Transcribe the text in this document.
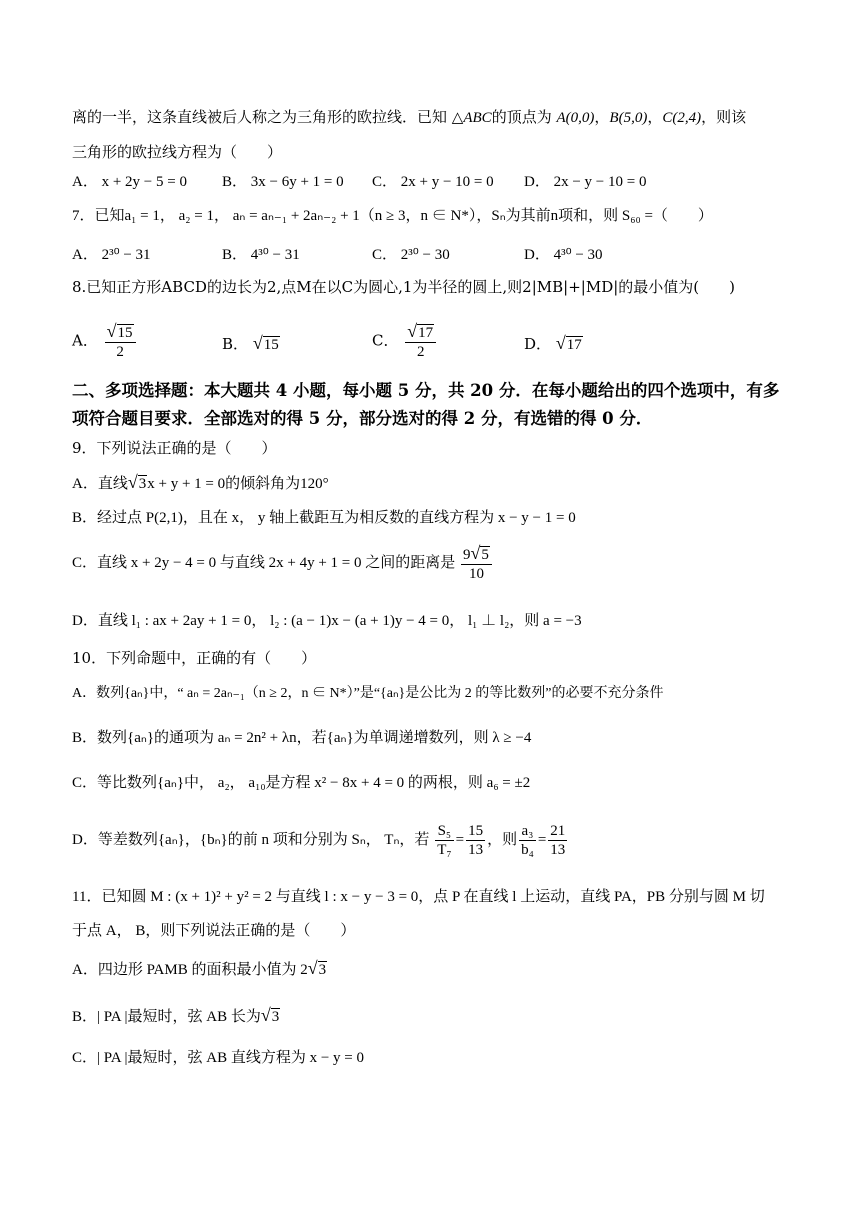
离的一半，这条直线被后人称之为三角形的欧拉线．已知 △ABC的顶点为 A(0,0)，B(5,0)，C(2,4)，则该
三角形的欧拉线方程为（　　）
A． x + 2y − 5 = 0 B． 3x − 6y + 1 = 0 C． 2x + y − 10 = 0 D． 2x − y − 10 = 0
7．已知a₁ = 1， a₂ = 1， aₙ = aₙ₋₁ + 2aₙ₋₂ + 1（n ≥ 3，n ∈ N*），Sₙ为其前n项和，则 S₆₀ =（　　）
A． 2³⁰ − 31	B． 4³⁰ − 31	C． 2³⁰ − 30	D． 4³⁰ − 30
8.已知正方形ABCD的边长为2,点M在以C为圆心,1为半径的圆上,则2|MB|+|MD|的最小值为(　　)
A． $\frac{√15}{2}$	B． √15	C． $\frac{√17}{2}$	D． √17
二、多项选择题：本大题共 4 小题，每小题 5 分，共 20 分．在每小题给出的四个选项中，有多
项符合题目要求．全部选对的得 5 分，部分选对的得 2 分，有选错的得 0 分．
9．下列说法正确的是（　　）
A．直线√3x + y + 1 = 0的倾斜角为120°
B．经过点 P(2,1)，且在 x， y 轴上截距互为相反数的直线方程为 x − y − 1 = 0
C．直线 x + 2y − 4 = 0 与直线 2x + 4y + 1 = 0 之间的距离是 $\frac{9√5}{10}$
D．直线 l₁ : ax + 2ay + 1 = 0， l₂ : (a − 1)x − (a + 1)y − 4 = 0， l₁ ⊥ l₂，则 a = −3
10．下列命题中，正确的有（　　）
A．数列{aₙ}中，“ aₙ = 2aₙ₋₁（n ≥ 2，n ∈ N*）”是“{aₙ}是公比为 2 的等比数列”的必要不充分条件
B．数列{aₙ}的通项为 aₙ = 2n² + λn，若{aₙ}为单调递增数列，则 λ ≥ −4
C．等比数列{aₙ}中， a₂， a₁₀是方程 x² − 8x + 4 = 0 的两根，则 a₆ = ±2
D．等差数列{aₙ}，{bₙ}的前 n 项和分别为 Sₙ， Tₙ，若 $\frac{\text{S₅}}{\text{T₇}} = \frac{15}{13}$ ，则 $\frac{\text{a₃}}{\text{b₄}} = \frac{21}{13}$
11．已知圆 M : (x + 1)² + y² = 2 与直线 l : x − y − 3 = 0，点 P 在直线 l 上运动，直线 PA，PB 分别与圆 M 切
于点 A， B，则下列说法正确的是（　　）
A．四边形 PAMB 的面积最小值为 2√3
B．| PA |最短时，弦 AB 长为√3
C．| PA |最短时，弦 AB 直线方程为 x − y = 0
